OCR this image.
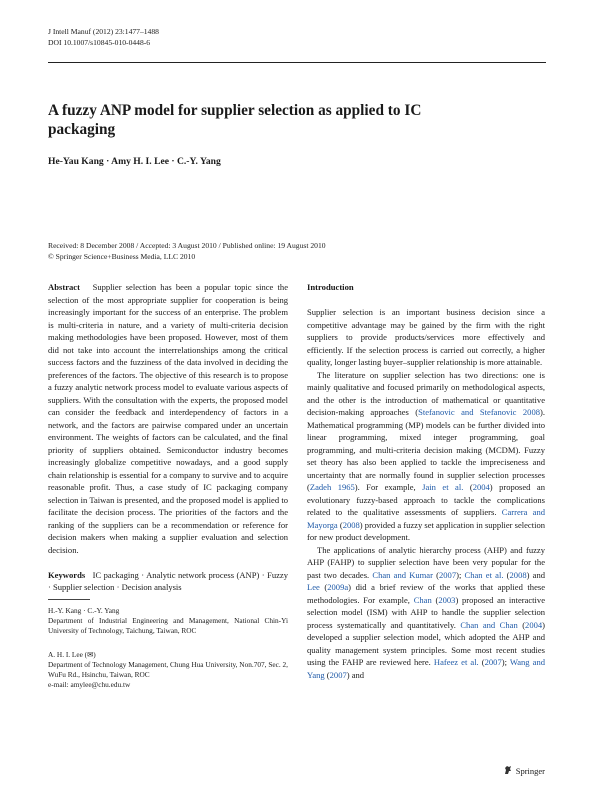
J Intell Manuf (2012) 23:1477–1488
DOI 10.1007/s10845-010-0448-6
A fuzzy ANP model for supplier selection as applied to IC packaging
He-Yau Kang · Amy H. I. Lee · C.-Y. Yang
Received: 8 December 2008 / Accepted: 3 August 2010 / Published online: 19 August 2010
© Springer Science+Business Media, LLC 2010

Abstract Supplier selection has been a popular topic since the selection of the most appropriate supplier for cooperation is being increasingly important for the success of an enterprise. The problem is multi-criteria in nature, and a variety of multi-criteria decision making methodologies have been proposed. However, most of them did not take into account the interrelationships among the critical success factors and the fuzziness of the data involved in deciding the preferences of the factors. The objective of this research is to propose a fuzzy analytic network process model to evaluate various aspects of suppliers. With the consultation with the experts, the proposed model can consider the feedback and interdependency of factors in a network, and the factors are pairwise compared under an uncertain environment. The weights of factors can be calculated, and the final priority of suppliers obtained. Semiconductor industry becomes increasingly globalize competitive nowadays, and a good supply chain relationship is essential for a company to survive and to acquire reasonable profit. Thus, a case study of IC packaging company selection in Taiwan is presented, and the proposed model is applied to facilitate the decision process. The priorities of the factors and the ranking of the suppliers can be a recommendation or reference for decision makers when making a supplier evaluation and selection decision.

Keywords IC packaging · Analytic network process (ANP) · Fuzzy · Supplier selection · Decision analysis

H.-Y. Kang · C.-Y. Yang
Department of Industrial Engineering and Management, National Chin-Yi University of Technology, Taichung, Taiwan, ROC
A. H. I. Lee (✉)
Department of Technology Management, Chung Hua University, Non.707, Sec. 2, WuFu Rd., Hsinchu, Taiwan, ROC
e-mail: amylee@chu.edu.tw

Introduction

Supplier selection is an important business decision since a competitive advantage may be gained by the firm with the right suppliers to provide products/services more effectively and efficiently. If the selection process is carried out correctly, a higher quality, longer lasting buyer–supplier relationship is more attainable.

The literature on supplier selection has two directions: one is mainly qualitative and focused primarily on methodological aspects, and the other is the introduction of mathematical or quantitative decision-making approaches (Stefanovic and Stefanovic 2008). Mathematical programming (MP) models can be further divided into linear programming, mixed integer programming, goal programming, and multi-criteria decision making (MCDM). Fuzzy set theory has also been applied to tackle the impreciseness and uncertainty that are normally found in supplier selection processes (Zadeh 1965). For example, Jain et al. (2004) proposed an evolutionary fuzzy-based approach to tackle the complications related to the qualitative assessments of suppliers. Carrera and Mayorga (2008) provided a fuzzy set application in supplier selection for new product development.

The applications of analytic hierarchy process (AHP) and fuzzy AHP (FAHP) to supplier selection have been very popular for the past two decades. Chan and Kumar (2007); Chan et al. (2008) and Lee (2009a) did a brief review of the works that applied these methodologies. For example, Chan (2003) proposed an interactive selection model (ISM) with AHP to handle the supplier selection process systematically and quantitatively. Chan and Chan (2004) developed a supplier selection model, which adopted the AHP and quality management system principles. Some most recent studies using the FAHP are reviewed here. Hafeez et al. (2007); Wang and Yang (2007) and

Springer
